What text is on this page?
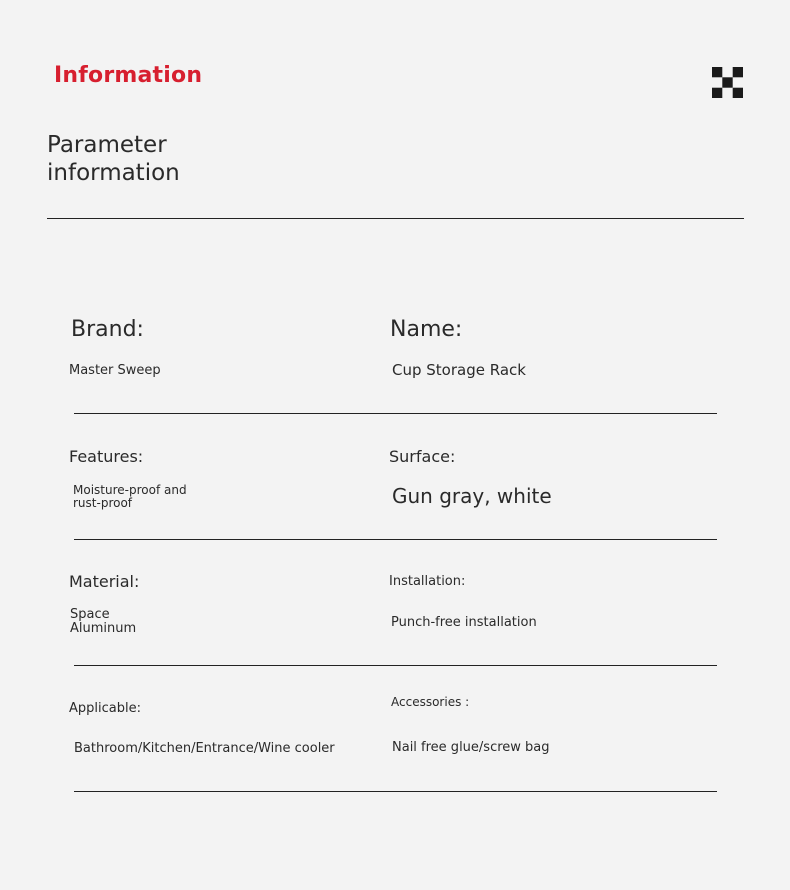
Information
Parameter information
Brand:
Master Sweep
Name:
Cup Storage Rack
Features:
Moisture-proof and rust-proof
Surface:
Gun gray, white
Material:
Space Aluminum
Installation:
Punch-free installation
Applicable:
Bathroom/Kitchen/Entrance/Wine cooler
Accessories :
Nail free glue/screw bag
